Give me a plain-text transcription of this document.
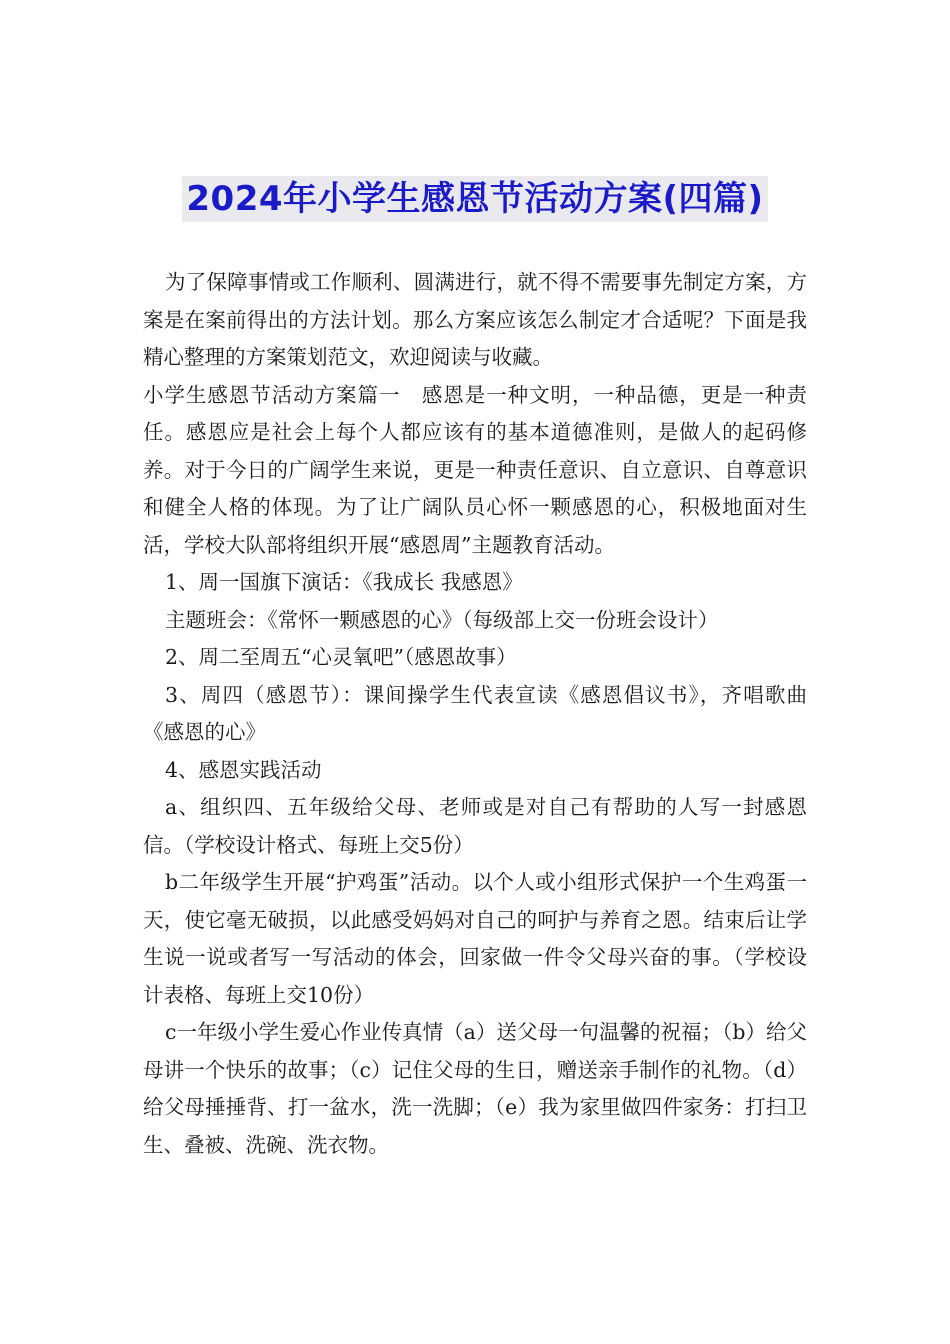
2024年小学生感恩节活动方案(四篇)

为了保障事情或工作顺利、圆满进行，就不得不需要事先制定方案，方案是在案前得出的方法计划。那么方案应该怎么制定才合适呢？下面是我精心整理的方案策划范文，欢迎阅读与收藏。

小学生感恩节活动方案篇一　感恩是一种文明，一种品德，更是一种责任。感恩应是社会上每个人都应该有的基本道德准则，是做人的起码修养。对于今日的广阔学生来说，更是一种责任意识、自立意识、自尊意识和健全人格的体现。为了让广阔队员心怀一颗感恩的心，积极地面对生活，学校大队部将组织开展“感恩周”主题教育活动。

1、周一国旗下演话：《我成长 我感恩》

主题班会：《常怀一颗感恩的心》（每级部上交一份班会设计）

2、周二至周五“心灵氧吧”（感恩故事）

3、周四（感恩节）：课间操学生代表宣读《感恩倡议书》，齐唱歌曲《感恩的心》

4、感恩实践活动

a、组织四、五年级给父母、老师或是对自己有帮助的人写一封感恩信。（学校设计格式、每班上交5份）

b二年级学生开展“护鸡蛋”活动。以个人或小组形式保护一个生鸡蛋一天，使它毫无破损，以此感受妈妈对自己的呵护与养育之恩。结束后让学生说一说或者写一写活动的体会，回家做一件令父母兴奋的事。（学校设计表格、每班上交10份）

c一年级小学生爱心作业传真情（a）送父母一句温馨的祝福；（b）给父母讲一个快乐的故事；（c）记住父母的生日，赠送亲手制作的礼物。（d）给父母捶捶背、打一盆水，洗一洗脚；（e）我为家里做四件家务：打扫卫生、叠被、洗碗、洗衣物。
